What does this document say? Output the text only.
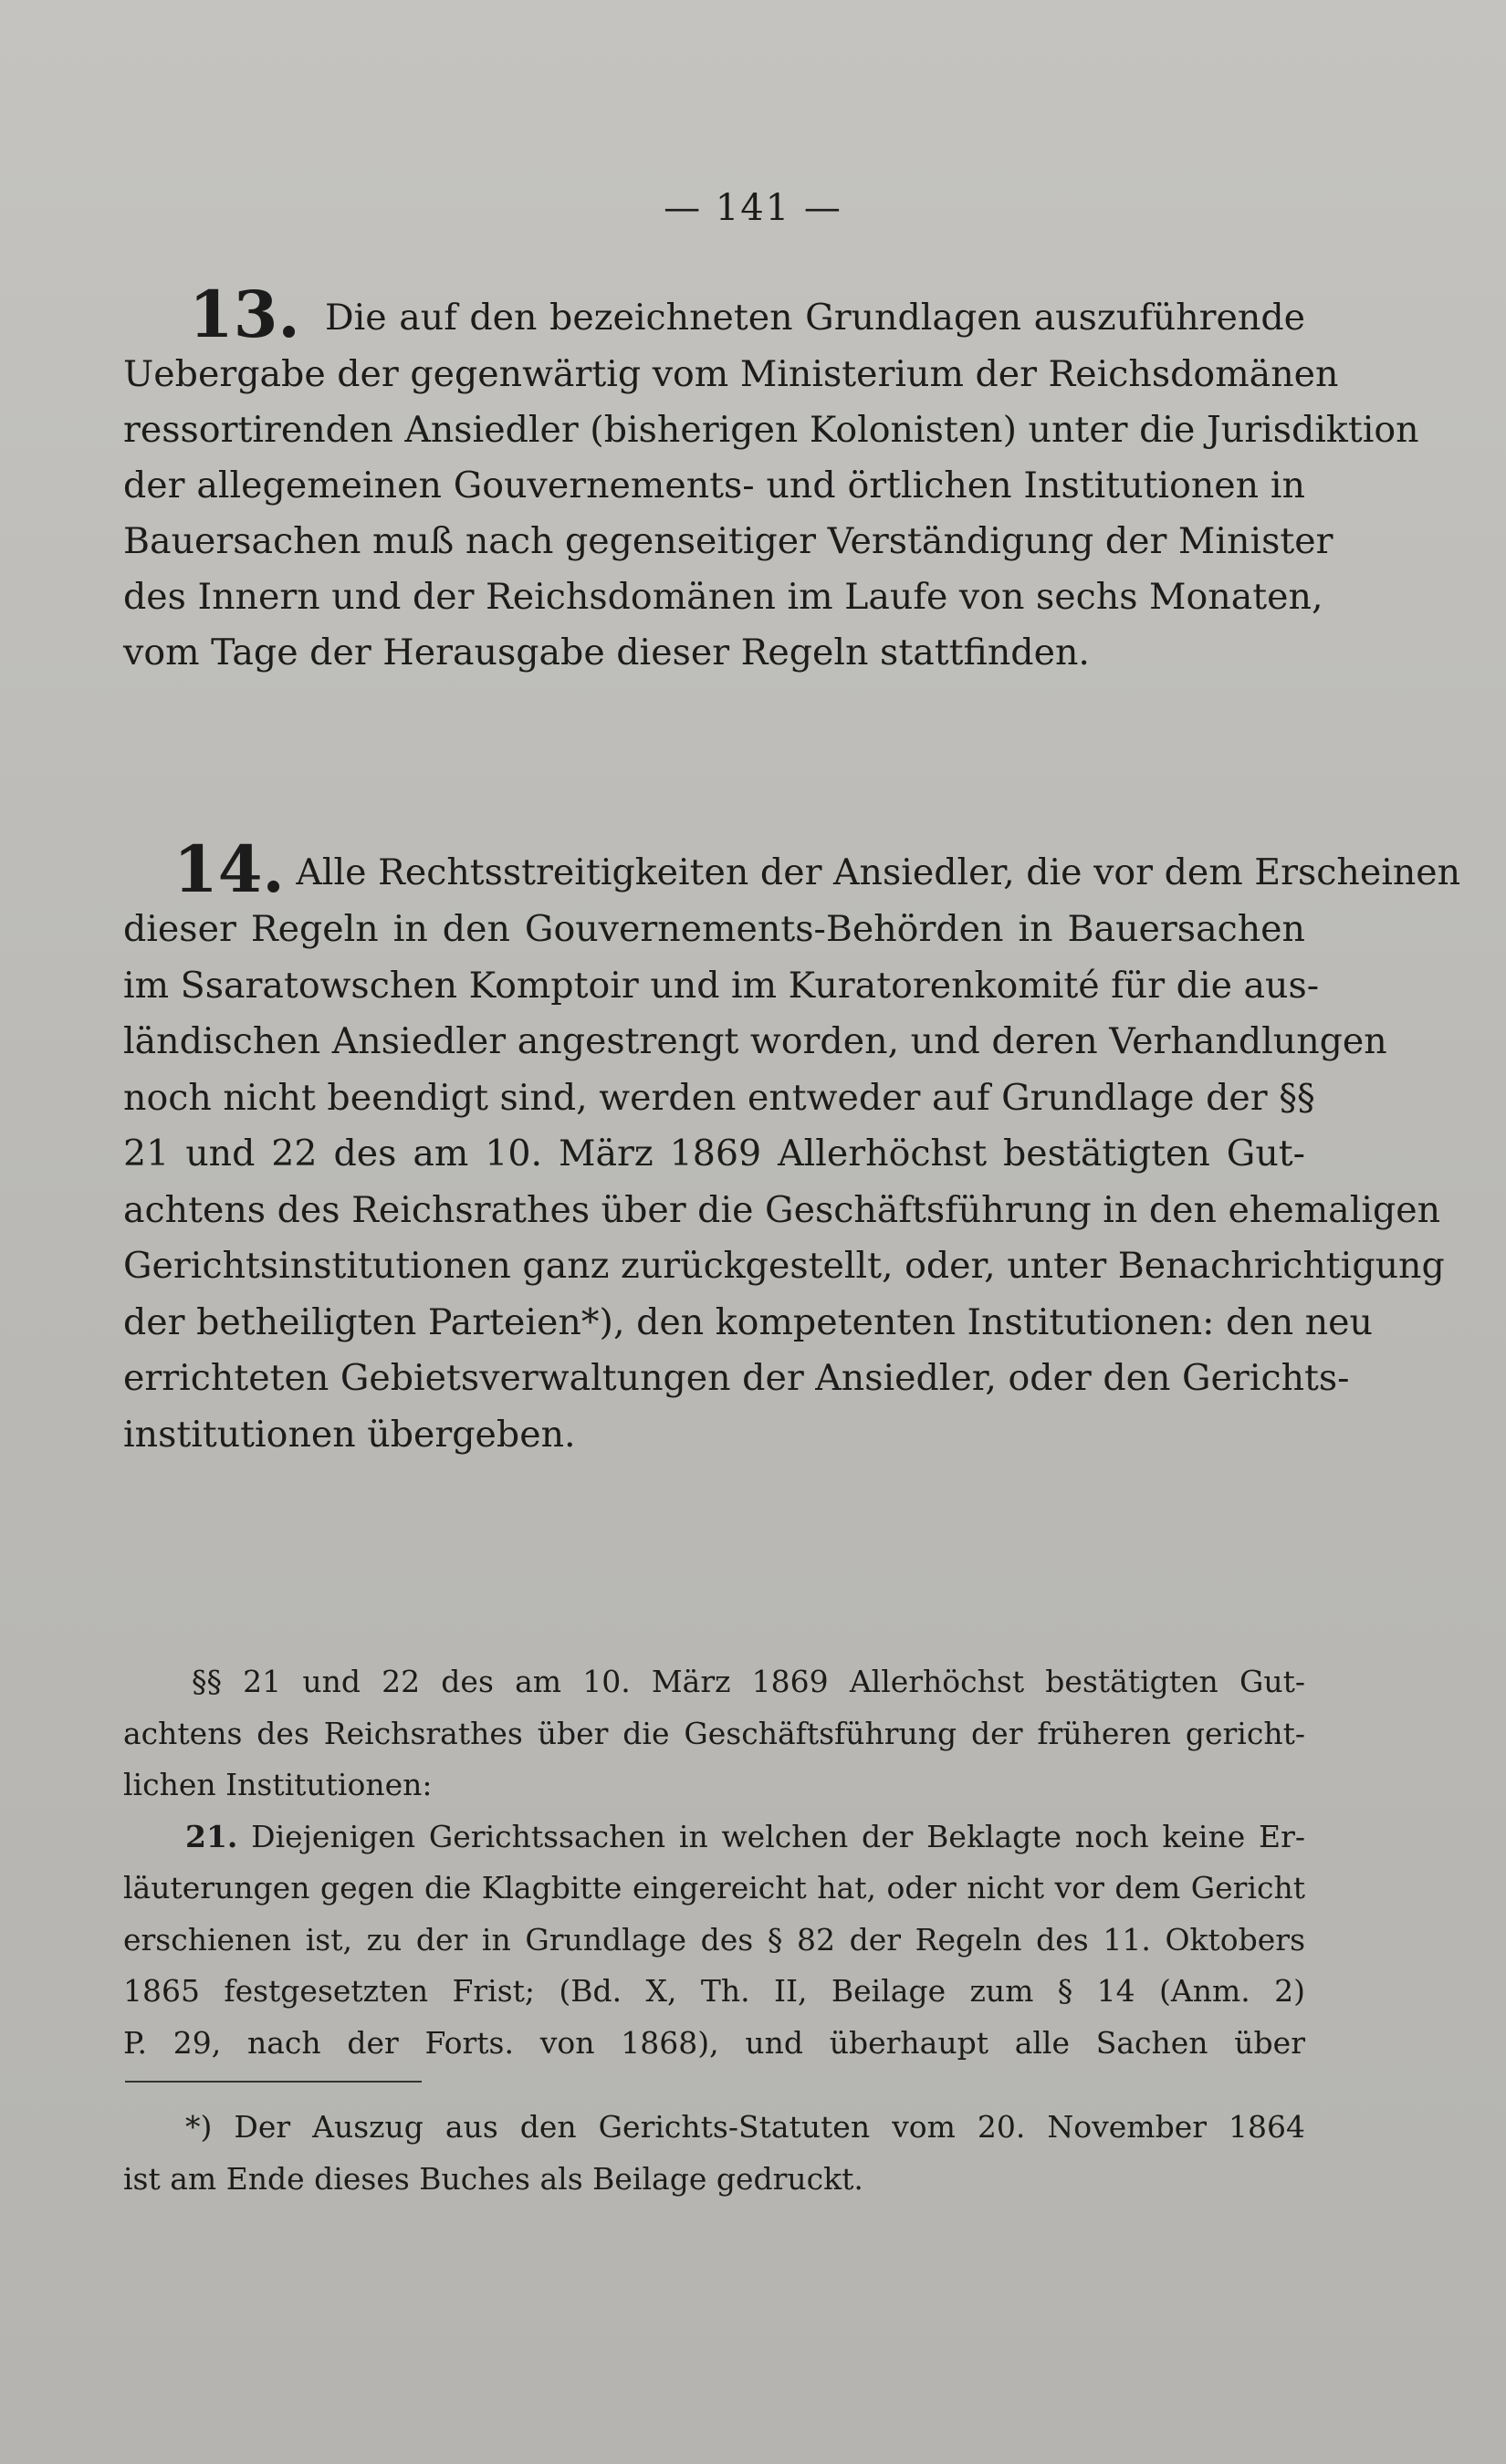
— 141 —
13. Die auf den bezeichneten Grundlagen auszuführende
Uebergabe der gegenwärtig vom Ministerium der Reichsdomänen
ressortirenden Ansiedler (bisherigen Kolonisten) unter die Jurisdiktion
der allegemeinen Gouvernements- und örtlichen Institutionen in
Bauersachen muß nach gegenseitiger Verständigung der Minister
des Innern und der Reichsdomänen im Laufe von sechs Monaten,
vom Tage der Herausgabe dieser Regeln stattfinden.
14. Alle Rechtsstreitigkeiten der Ansiedler, die vor dem Erscheinen
dieser Regeln in den Gouvernements-Behörden in Bauersachen
im Ssaratowschen Komptoir und im Kuratorenkomité für die aus-
ländischen Ansiedler angestrengt worden, und deren Verhandlungen
noch nicht beendigt sind, werden entweder auf Grundlage der §§
21 und 22 des am 10. März 1869 Allerhöchst bestätigten Gut-
achtens des Reichsrathes über die Geschäftsführung in den ehemaligen
Gerichtsinstitutionen ganz zurückgestellt, oder, unter Benachrichtigung
der betheiligten Parteien*), den kompetenten Institutionen: den neu
errichteten Gebietsverwaltungen der Ansiedler, oder den Gerichts-
institutionen übergeben.
§§ 21 und 22 des am 10. März 1869 Allerhöchst bestätigten Gut-
achtens des Reichsrathes über die Geschäftsführung der früheren gericht-
lichen Institutionen:
21. Diejenigen Gerichtssachen in welchen der Beklagte noch keine Er-
läuterungen gegen die Klagbitte eingereicht hat, oder nicht vor dem Gericht
erschienen ist, zu der in Grundlage des § 82 der Regeln des 11. Oktobers
1865 festgesetzten Frist; (Bd. X, Th. II, Beilage zum § 14 (Anm. 2)
P. 29, nach der Forts. von 1868), und überhaupt alle Sachen über
*) Der Auszug aus den Gerichts-Statuten vom 20. November 1864
ist am Ende dieses Buches als Beilage gedruckt.
